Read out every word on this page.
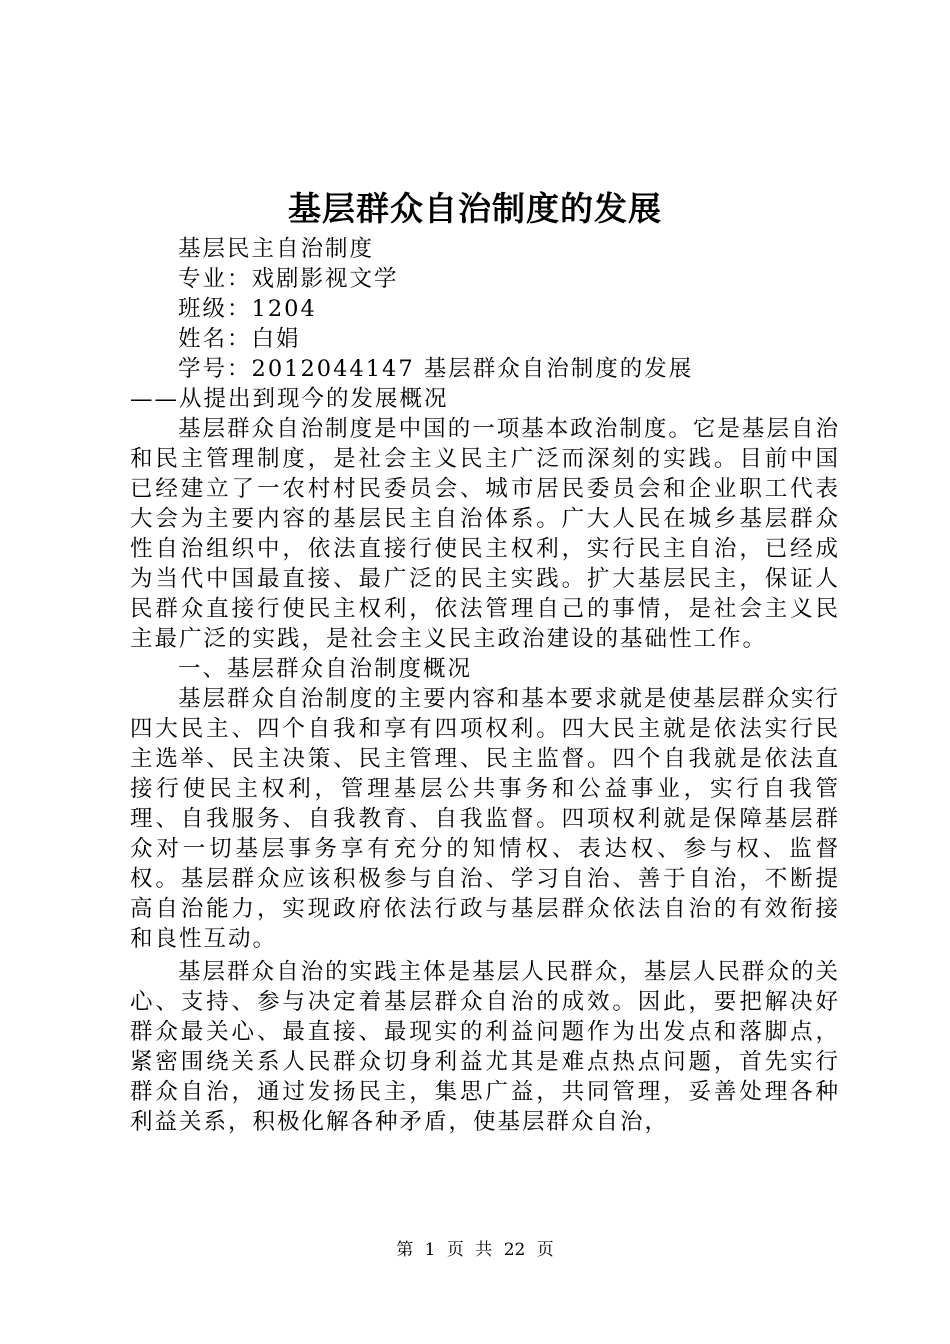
基层群众自治制度的发展

基层民主自治制度

专业：戏剧影视文学

班级：1204

姓名：白娟

学号：2012044147 基层群众自治制度的发展

——从提出到现今的发展概况

基层群众自治制度是中国的一项基本政治制度。它是基层自治和民主管理制度，是社会主义民主广泛而深刻的实践。目前中国已经建立了一农村村民委员会、城市居民委员会和企业职工代表大会为主要内容的基层民主自治体系。广大人民在城乡基层群众性自治组织中，依法直接行使民主权利，实行民主自治，已经成为当代中国最直接、最广泛的民主实践。扩大基层民主，保证人民群众直接行使民主权利，依法管理自己的事情，是社会主义民主最广泛的实践，是社会主义民主政治建设的基础性工作。

一、基层群众自治制度概况

基层群众自治制度的主要内容和基本要求就是使基层群众实行四大民主、四个自我和享有四项权利。四大民主就是依法实行民主选举、民主决策、民主管理、民主监督。四个自我就是依法直接行使民主权利，管理基层公共事务和公益事业，实行自我管理、自我服务、自我教育、自我监督。四项权利就是保障基层群众对一切基层事务享有充分的知情权、表达权、参与权、监督权。基层群众应该积极参与自治、学习自治、善于自治，不断提高自治能力，实现政府依法行政与基层群众依法自治的有效衔接和良性互动。

基层群众自治的实践主体是基层人民群众，基层人民群众的关心、支持、参与决定着基层群众自治的成效。因此，要把解决好群众最关心、最直接、最现实的利益问题作为出发点和落脚点，紧密围绕关系人民群众切身利益尤其是难点热点问题，首先实行群众自治，通过发扬民主，集思广益，共同管理，妥善处理各种利益关系，积极化解各种矛盾，使基层群众自治，

第 1 页 共 22 页
